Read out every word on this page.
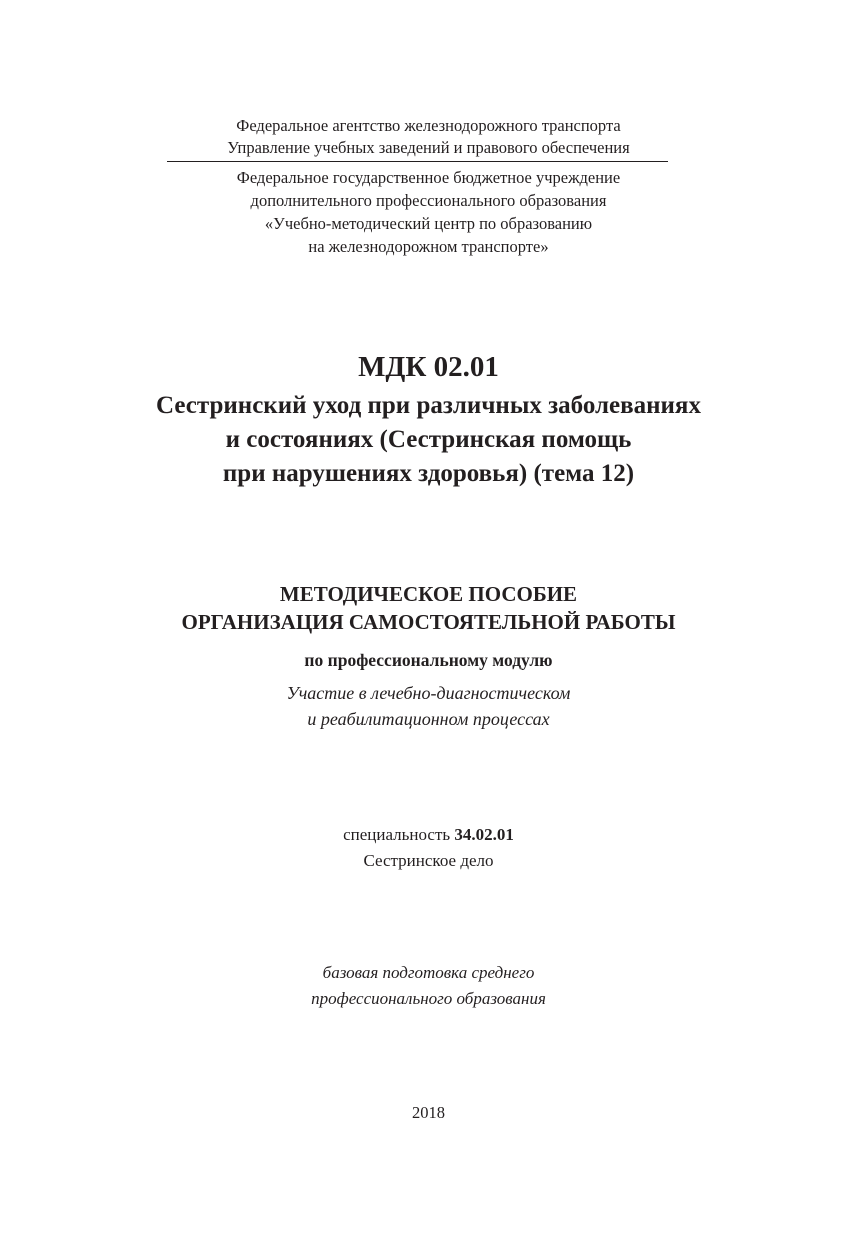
Федеральное агентство железнодорожного транспорта
Управление учебных заведений и правового обеспечения
Федеральное государственное бюджетное учреждение
дополнительного профессионального образования
«Учебно-методический центр по образованию
на железнодорожном транспорте»
МДК 02.01
Сестринский уход при различных заболеваниях
и состояниях (Сестринская помощь
при нарушениях здоровья) (тема 12)
МЕТОДИЧЕСКОЕ ПОСОБИЕ
ОРГАНИЗАЦИЯ САМОСТОЯТЕЛЬНОЙ РАБОТЫ
по профессиональному модулю
Участие в лечебно-диагностическом
и реабилитационном процессах
специальность 34.02.01
Сестринское дело
базовая подготовка среднего
профессионального образования
2018
